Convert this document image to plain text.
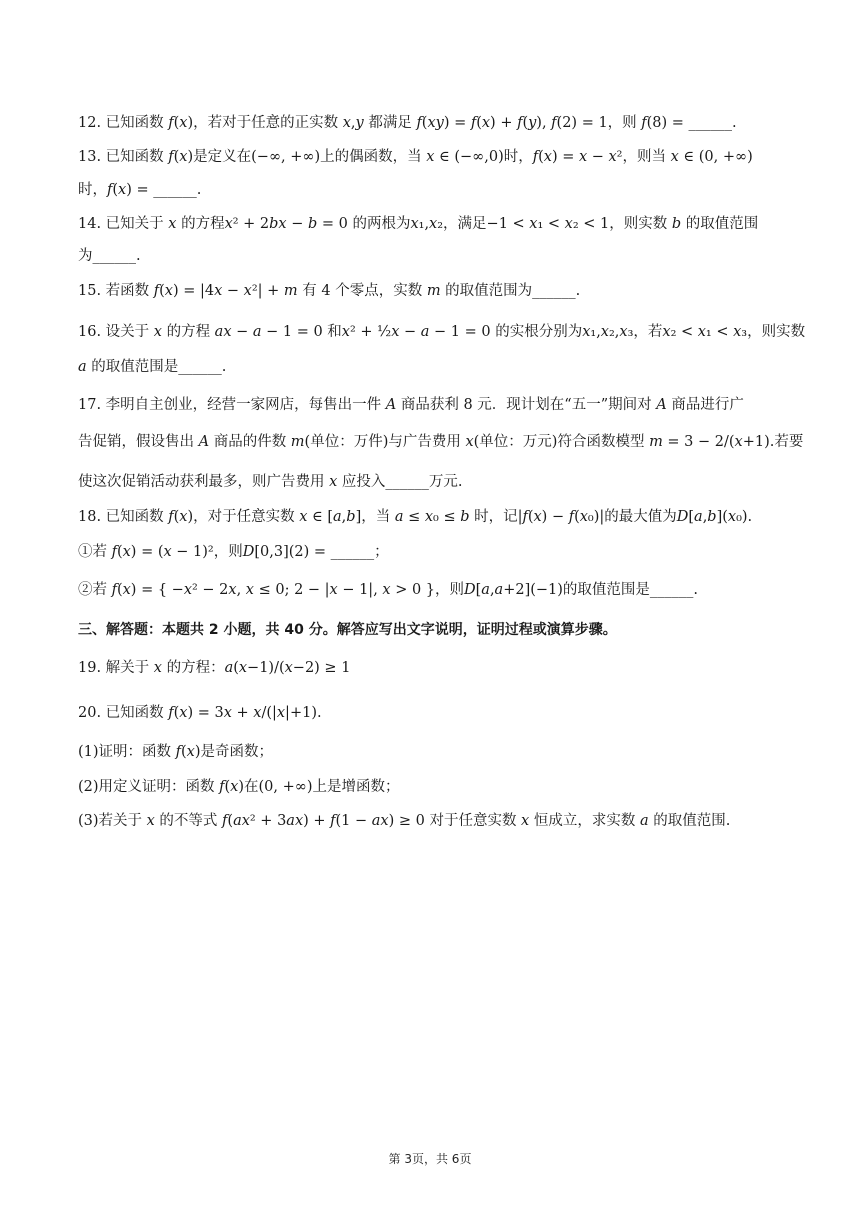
12. 已知函数 𝑓(𝑥)，若对于任意的正实数 𝑥,𝑦 都满足 𝑓(𝑥𝑦) = 𝑓(𝑥) + 𝑓(𝑦), 𝑓(2) = 1，则 𝑓(8) = ______.
13. 已知函数 𝑓(𝑥)是定义在(−∞, +∞)上的偶函数，当 𝑥 ∈ (−∞,0)时，𝑓(𝑥) = 𝑥 − 𝑥²，则当 𝑥 ∈ (0, +∞)
时，𝑓(𝑥) = ______.
14. 已知关于 𝑥 的方程𝑥² + 2𝑏𝑥 − 𝑏 = 0 的两根为𝑥₁,𝑥₂，满足−1 < 𝑥₁ < 𝑥₂ < 1，则实数 𝑏 的取值范围
为______.
15. 若函数 𝑓(𝑥) = |4𝑥 − 𝑥²| + 𝑚 有 4 个零点，实数 𝑚 的取值范围为______.
16. 设关于 𝑥 的方程 𝑎𝑥 − 𝑎 − 1 = 0 和𝑥² + ½𝑥 − 𝑎 − 1 = 0 的实根分别为𝑥₁,𝑥₂,𝑥₃，若𝑥₂ < 𝑥₁ < 𝑥₃，则实数
𝑎 的取值范围是______.
17. 李明自主创业，经营一家网店，每售出一件 𝐴 商品获利 8 元．现计划在“五一”期间对 𝐴 商品进行广
告促销，假设售出 𝐴 商品的件数 𝑚(单位：万件)与广告费用 𝑥(单位：万元)符合函数模型 𝑚 = 3 − 2/(𝑥+1).若要
使这次促销活动获利最多，则广告费用 𝑥 应投入______万元.
18. 已知函数 𝑓(𝑥)，对于任意实数 𝑥 ∈ [𝑎,𝑏]，当 𝑎 ≤ 𝑥₀ ≤ 𝑏 时，记|𝑓(𝑥) − 𝑓(𝑥₀)|的最大值为𝐷[𝑎,𝑏](𝑥₀).
①若 𝑓(𝑥) = (𝑥 − 1)²，则𝐷[0,3](2) = ______；
②若 𝑓(𝑥) = { −𝑥² − 2𝑥, 𝑥 ≤ 0; 2 − |𝑥 − 1|, 𝑥 > 0 }，则𝐷[𝑎,𝑎+2](−1)的取值范围是______.
三、解答题：本题共 2 小题，共 40 分。解答应写出文字说明，证明过程或演算步骤。
19. 解关于 𝑥 的方程：𝑎(𝑥−1)/(𝑥−2) ≥ 1
20. 已知函数 𝑓(𝑥) = 3𝑥 + 𝑥/(|𝑥|+1).
(1)证明：函数 𝑓(𝑥)是奇函数；
(2)用定义证明：函数 𝑓(𝑥)在(0, +∞)上是增函数；
(3)若关于 𝑥 的不等式 𝑓(𝑎𝑥² + 3𝑎𝑥) + 𝑓(1 − 𝑎𝑥) ≥ 0 对于任意实数 𝑥 恒成立，求实数 𝑎 的取值范围.
第 3页，共 6页
